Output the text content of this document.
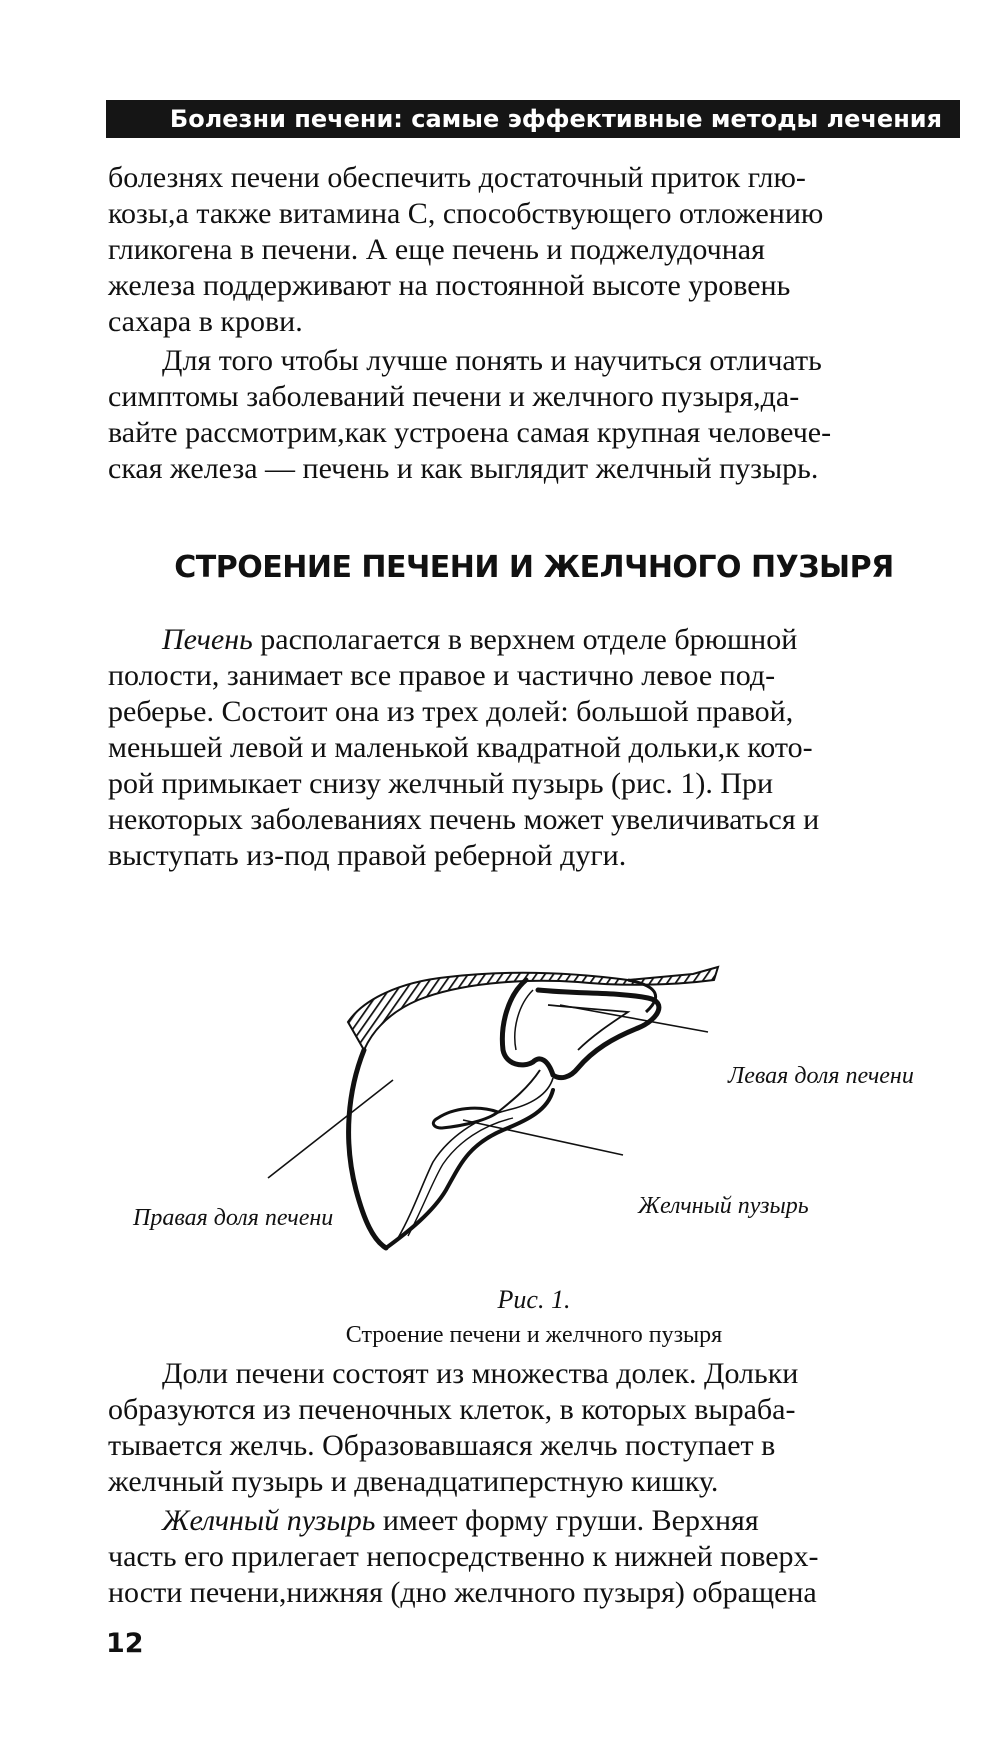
Болезни печени: самые эффективные методы лечения

болезнях печени обеспечить достаточный приток глю-
козы,а также витамина С, способствующего отложению
гликогена в печени. А еще печень и поджелудочная
железа поддерживают на постоянной высоте уровень
сахара в крови.

Для того чтобы лучше понять и научиться отличать
симптомы заболеваний печени и желчного пузыря,да-
вайте рассмотрим,как устроена самая крупная человече-
ская железа — печень и как выглядит желчный пузырь.

СТРОЕНИЕ ПЕЧЕНИ И ЖЕЛЧНОГО ПУЗЫРЯ

Печень располагается в верхнем отделе брюшной
полости, занимает все правое и частично левое под-
реберье. Состоит она из трех долей: большой правой,
меньшей левой и маленькой квадратной дольки,к кото-
рой примыкает снизу желчный пузырь (рис. 1). При
некоторых заболеваниях печень может увеличиваться и
выступать из-под правой реберной дуги.

Левая доля печени
Желчный пузырь
Правая доля печени
Рис. 1.
Строение печени и желчного пузыря

Доли печени состоят из множества долек. Дольки
образуются из печеночных клеток, в которых выраба-
тывается желчь. Образовавшаяся желчь поступает в
желчный пузырь и двенадцатиперстную кишку.

Желчный пузырь имеет форму груши. Верхняя
часть его прилегает непосредственно к нижней поверх-
ности печени,нижняя (дно желчного пузыря) обращена

12
